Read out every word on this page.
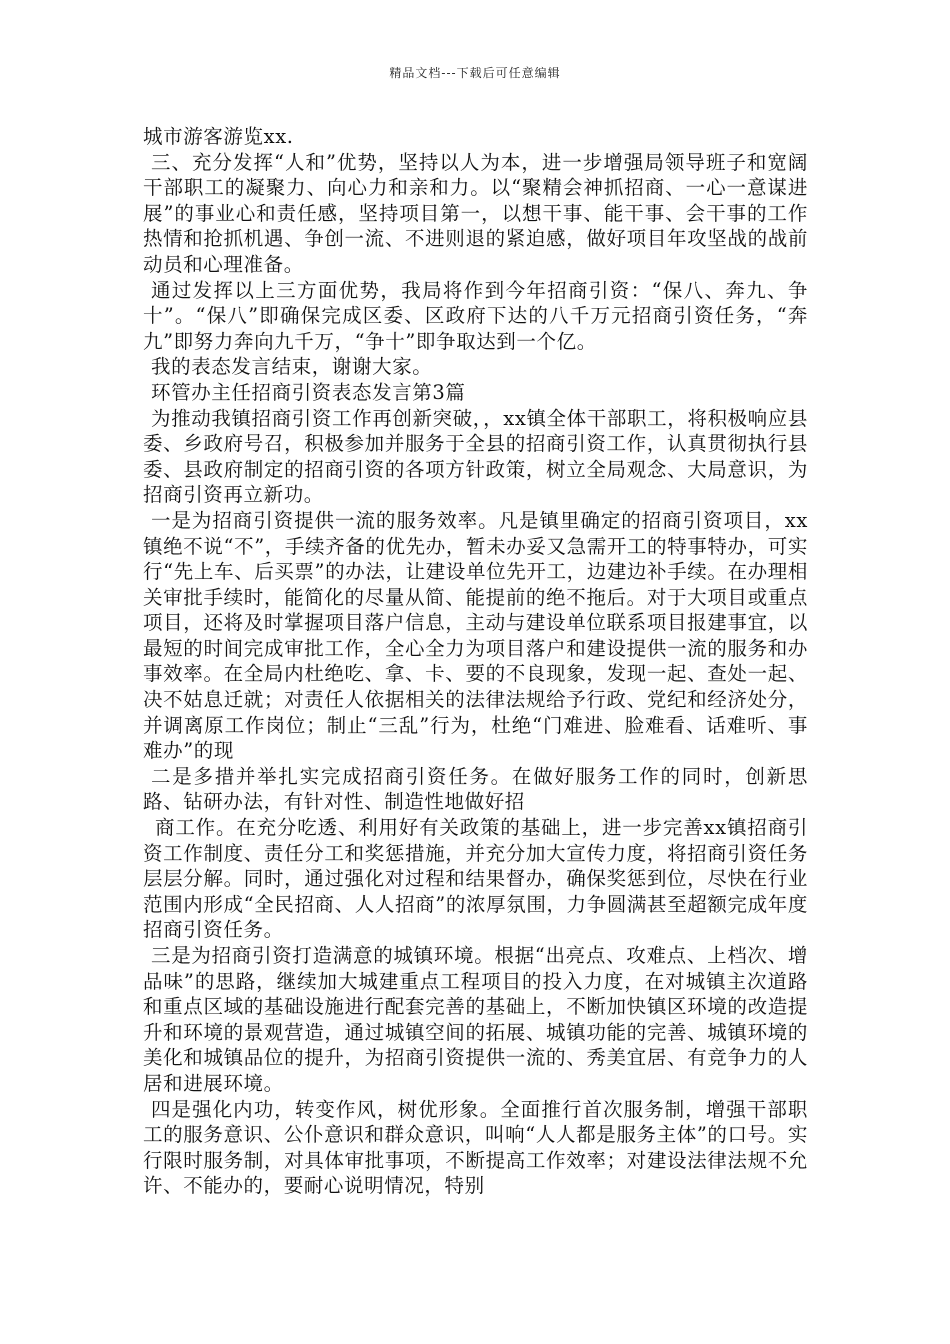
精品文档---下载后可任意编辑

城市游客游览xx.

三、充分发挥“人和”优势，坚持以人为本，进一步增强局领导班子和宽阔干部职工的凝聚力、向心力和亲和力。以“聚精会神抓招商、一心一意谋进展”的事业心和责任感，坚持项目第一，以想干事、能干事、会干事的工作热情和抢抓机遇、争创一流、不进则退的紧迫感，做好项目年攻坚战的战前动员和心理准备。

通过发挥以上三方面优势，我局将作到今年招商引资：“保八、奔九、争十”。“保八”即确保完成区委、区政府下达的八千万元招商引资任务，“奔九”即努力奔向九千万，“争十”即争取达到一个亿。

我的表态发言结束，谢谢大家。

环管办主任招商引资表态发言第3篇

为推动我镇招商引资工作再创新突破，，xx镇全体干部职工，将积极响应县委、乡政府号召，积极参加并服务于全县的招商引资工作，认真贯彻执行县委、县政府制定的招商引资的各项方针政策，树立全局观念、大局意识，为招商引资再立新功。

一是为招商引资提供一流的服务效率。凡是镇里确定的招商引资项目，xx镇绝不说“不”，手续齐备的优先办，暂未办妥又急需开工的特事特办，可实行“先上车、后买票”的办法，让建设单位先开工，边建边补手续。在办理相关审批手续时，能简化的尽量从简、能提前的绝不拖后。对于大项目或重点项目，还将及时掌握项目落户信息，主动与建设单位联系项目报建事宜，以最短的时间完成审批工作，全心全力为项目落户和建设提供一流的服务和办事效率。在全局内杜绝吃、拿、卡、要的不良现象，发现一起、查处一起、决不姑息迁就；对责任人依据相关的法律法规给予行政、党纪和经济处分，并调离原工作岗位；制止“三乱”行为，杜绝“门难进、脸难看、话难听、事难办”的现

二是多措并举扎实完成招商引资任务。在做好服务工作的同时，创新思路、钻研办法，有针对性、制造性地做好招

商工作。在充分吃透、利用好有关政策的基础上，进一步完善xx镇招商引资工作制度、责任分工和奖惩措施，并充分加大宣传力度，将招商引资任务层层分解。同时，通过强化对过程和结果督办，确保奖惩到位，尽快在行业范围内形成“全民招商、人人招商”的浓厚氛围，力争圆满甚至超额完成年度招商引资任务。

三是为招商引资打造满意的城镇环境。根据“出亮点、攻难点、上档次、增品味”的思路，继续加大城建重点工程项目的投入力度，在对城镇主次道路和重点区域的基础设施进行配套完善的基础上，不断加快镇区环境的改造提升和环境的景观营造，通过城镇空间的拓展、城镇功能的完善、城镇环境的美化和城镇品位的提升，为招商引资提供一流的、秀美宜居、有竞争力的人居和进展环境。

四是强化内功，转变作风，树优形象。全面推行首次服务制，增强干部职工的服务意识、公仆意识和群众意识，叫响“人人都是服务主体”的口号。实行限时服务制，对具体审批事项，不断提高工作效率；对建设法律法规不允许、不能办的，要耐心说明情况，特别
